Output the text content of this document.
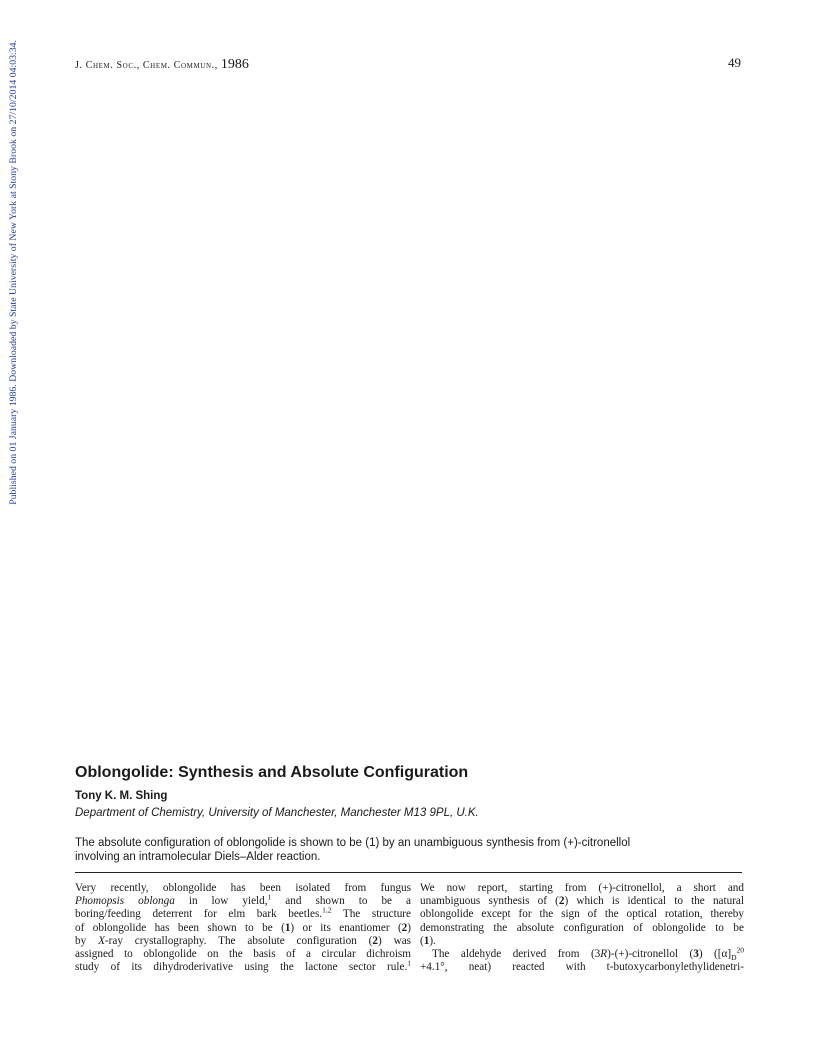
Published on 01 January 1986. Downloaded by State University of New York at Stony Brook on 27/10/2014 04:03:34.	J. Chem. Soc., Chem. Commun., 1986	49
Oblongolide: Synthesis and Absolute Configuration
Tony K. M. Shing
Department of Chemistry, University of Manchester, Manchester M13 9PL, U.K.

The absolute configuration of oblongolide is shown to be (1) by an unambiguous synthesis from (+)-citronellol

involving an intramolecular Diels–Alder reaction.

Very recently, oblongolide has been isolated from fungus

Phomopsis oblonga in low yield,$^1$ and shown to be a

boring/feeding deterrent for elm bark beetles.$^{1,2}$ The structure

of oblongolide has been shown to be (1) or its enantiomer (2)

by X-ray crystallography. The absolute configuration (2) was

assigned to oblongolide on the basis of a circular dichroism

study of its dihydroderivative using the lactone sector rule.$^1$

We now report, starting from (+)-citronellol, a short and

unambiguous synthesis of (2) which is identical to the natural

oblongolide except for the sign of the optical rotation, thereby

demonstrating the absolute configuration of oblongolide to be

(1).

The aldehyde derived from (3R)-(+)-citronellol (3) ($[\alpha]_D^{20}$

+4.1°, neat) reacted with t-butoxycarbonylethylidenetri-
